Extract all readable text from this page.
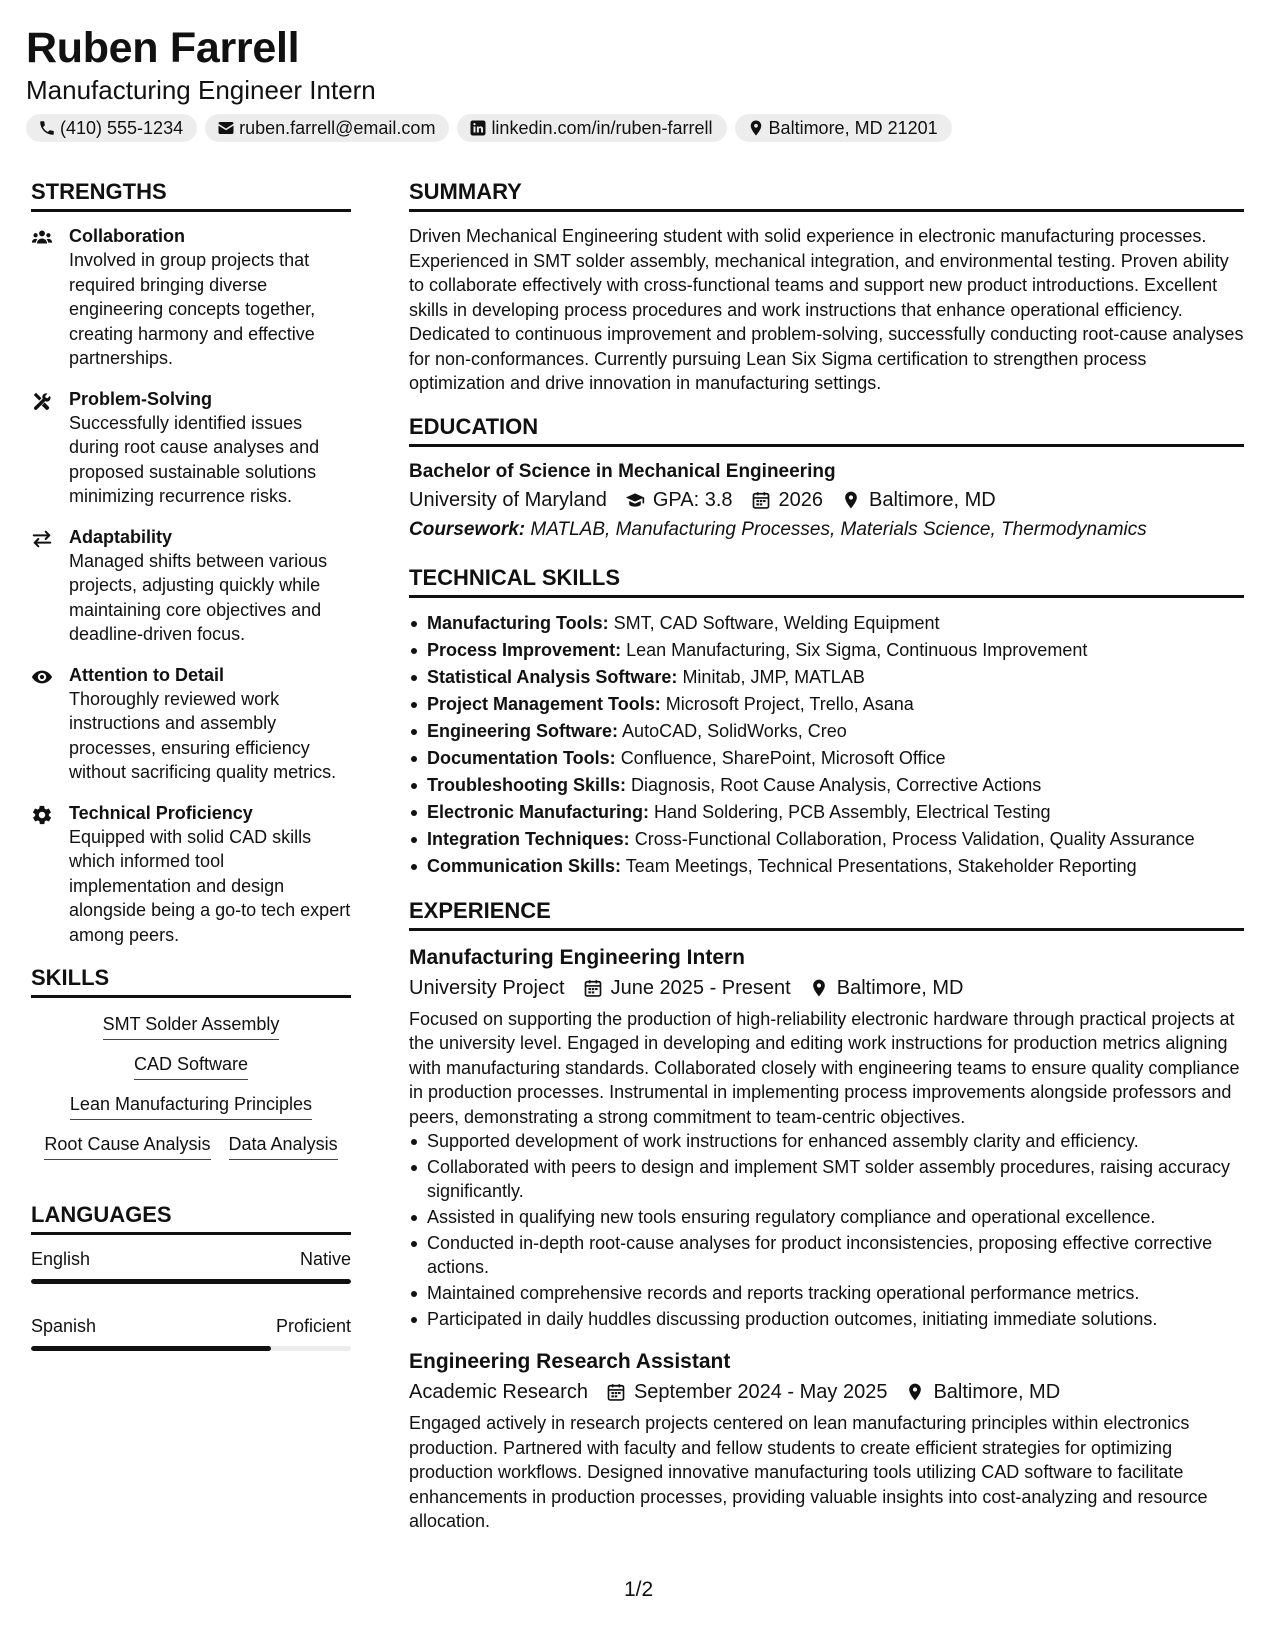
Ruben Farrell
Manufacturing Engineer Intern
(410) 555-1234	ruben.farrell@email.com	linkedin.com/in/ruben-farrell	Baltimore, MD 21201
STRENGTHS
Collaboration
Involved in group projects that required bringing diverse engineering concepts together, creating harmony and effective partnerships.
Problem-Solving
Successfully identified issues during root cause analyses and proposed sustainable solutions minimizing recurrence risks.
Adaptability
Managed shifts between various projects, adjusting quickly while maintaining core objectives and deadline-driven focus.
Attention to Detail
Thoroughly reviewed work instructions and assembly processes, ensuring efficiency without sacrificing quality metrics.
Technical Proficiency
Equipped with solid CAD skills which informed tool implementation and design alongside being a go-to tech expert among peers.
SKILLS
SMT Solder Assembly
CAD Software
Lean Manufacturing Principles
Root Cause Analysis Data Analysis
LANGUAGES
English	Native
Spanish	Proficient
SUMMARY
Driven Mechanical Engineering student with solid experience in electronic manufacturing processes. Experienced in SMT solder assembly, mechanical integration, and environmental testing. Proven ability to collaborate effectively with cross-functional teams and support new product introductions. Excellent skills in developing process procedures and work instructions that enhance operational efficiency. Dedicated to continuous improvement and problem-solving, successfully conducting root-cause analyses for non-conformances. Currently pursuing Lean Six Sigma certification to strengthen process optimization and drive innovation in manufacturing settings.
EDUCATION
Bachelor of Science in Mechanical Engineering
University of Maryland GPA: 3.8 2026 Baltimore, MD
Coursework: MATLAB, Manufacturing Processes, Materials Science, Thermodynamics
TECHNICAL SKILLS
Manufacturing Tools: SMT, CAD Software, Welding Equipment
Process Improvement: Lean Manufacturing, Six Sigma, Continuous Improvement
Statistical Analysis Software: Minitab, JMP, MATLAB
Project Management Tools: Microsoft Project, Trello, Asana
Engineering Software: AutoCAD, SolidWorks, Creo
Documentation Tools: Confluence, SharePoint, Microsoft Office
Troubleshooting Skills: Diagnosis, Root Cause Analysis, Corrective Actions
Electronic Manufacturing: Hand Soldering, PCB Assembly, Electrical Testing
Integration Techniques: Cross-Functional Collaboration, Process Validation, Quality Assurance
Communication Skills: Team Meetings, Technical Presentations, Stakeholder Reporting
EXPERIENCE
Manufacturing Engineering Intern
University Project June 2025 - Present Baltimore, MD
Focused on supporting the production of high-reliability electronic hardware through practical projects at the university level. Engaged in developing and editing work instructions for production metrics aligning with manufacturing standards. Collaborated closely with engineering teams to ensure quality compliance in production processes. Instrumental in implementing process improvements alongside professors and peers, demonstrating a strong commitment to team-centric objectives.
Supported development of work instructions for enhanced assembly clarity and efficiency.
Collaborated with peers to design and implement SMT solder assembly procedures, raising accuracy significantly.
Assisted in qualifying new tools ensuring regulatory compliance and operational excellence.
Conducted in-depth root-cause analyses for product inconsistencies, proposing effective corrective actions.
Maintained comprehensive records and reports tracking operational performance metrics.
Participated in daily huddles discussing production outcomes, initiating immediate solutions.
Engineering Research Assistant
Academic Research September 2024 - May 2025 Baltimore, MD
Engaged actively in research projects centered on lean manufacturing principles within electronics production. Partnered with faculty and fellow students to create efficient strategies for optimizing production workflows. Designed innovative manufacturing tools utilizing CAD software to facilitate enhancements in production processes, providing valuable insights into cost-analyzing and resource allocation.
1/2
